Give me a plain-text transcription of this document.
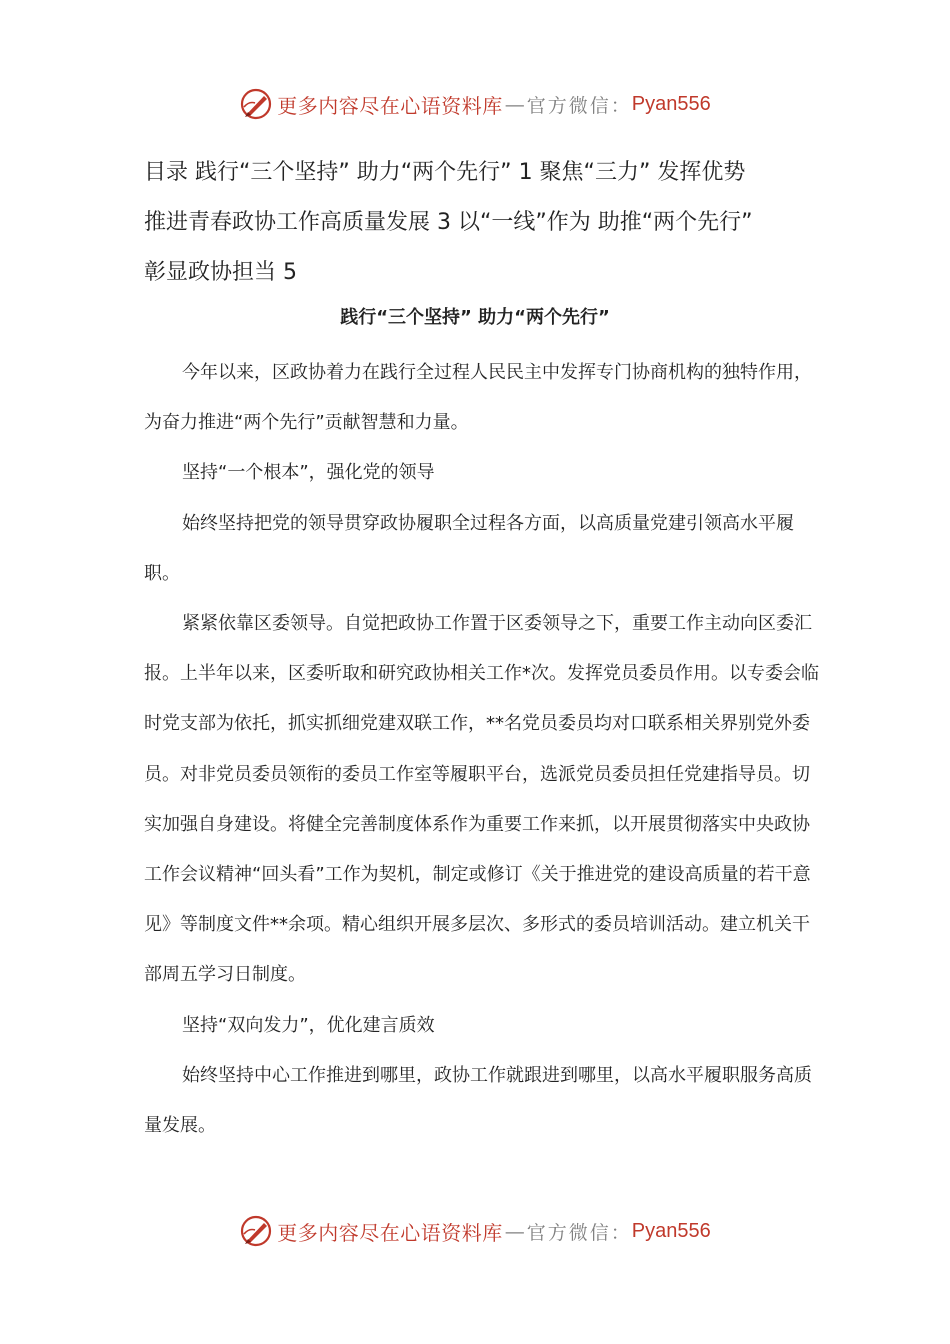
更多内容尽在心语资料库 — 官方微信： Pyan556

目录 践行“三个坚持” 助力“两个先行” 1 聚焦“三力” 发挥优势

推进青春政协工作高质量发展 3 以“一线”作为 助推“两个先行”

彰显政协担当 5

践行“三个坚持” 助力“两个先行”

今年以来，区政协着力在践行全过程人民民主中发挥专门协商机构的独特作用，为奋力推进“两个先行”贡献智慧和力量。

坚持“一个根本”，强化党的领导

始终坚持把党的领导贯穿政协履职全过程各方面，以高质量党建引领高水平履职。

紧紧依靠区委领导。自觉把政协工作置于区委领导之下，重要工作主动向区委汇报。上半年以来，区委听取和研究政协相关工作*次。发挥党员委员作用。以专委会临时党支部为依托，抓实抓细党建双联工作，**名党员委员均对口联系相关界别党外委员。对非党员委员领衔的委员工作室等履职平台，选派党员委员担任党建指导员。切实加强自身建设。将健全完善制度体系作为重要工作来抓，以开展贯彻落实中央政协工作会议精神“回头看”工作为契机，制定或修订《关于推进党的建设高质量的若干意见》等制度文件**余项。精心组织开展多层次、多形式的委员培训活动。建立机关干部周五学习日制度。

坚持“双向发力”，优化建言质效

始终坚持中心工作推进到哪里，政协工作就跟进到哪里，以高水平履职服务高质量发展。

更多内容尽在心语资料库 — 官方微信： Pyan556
